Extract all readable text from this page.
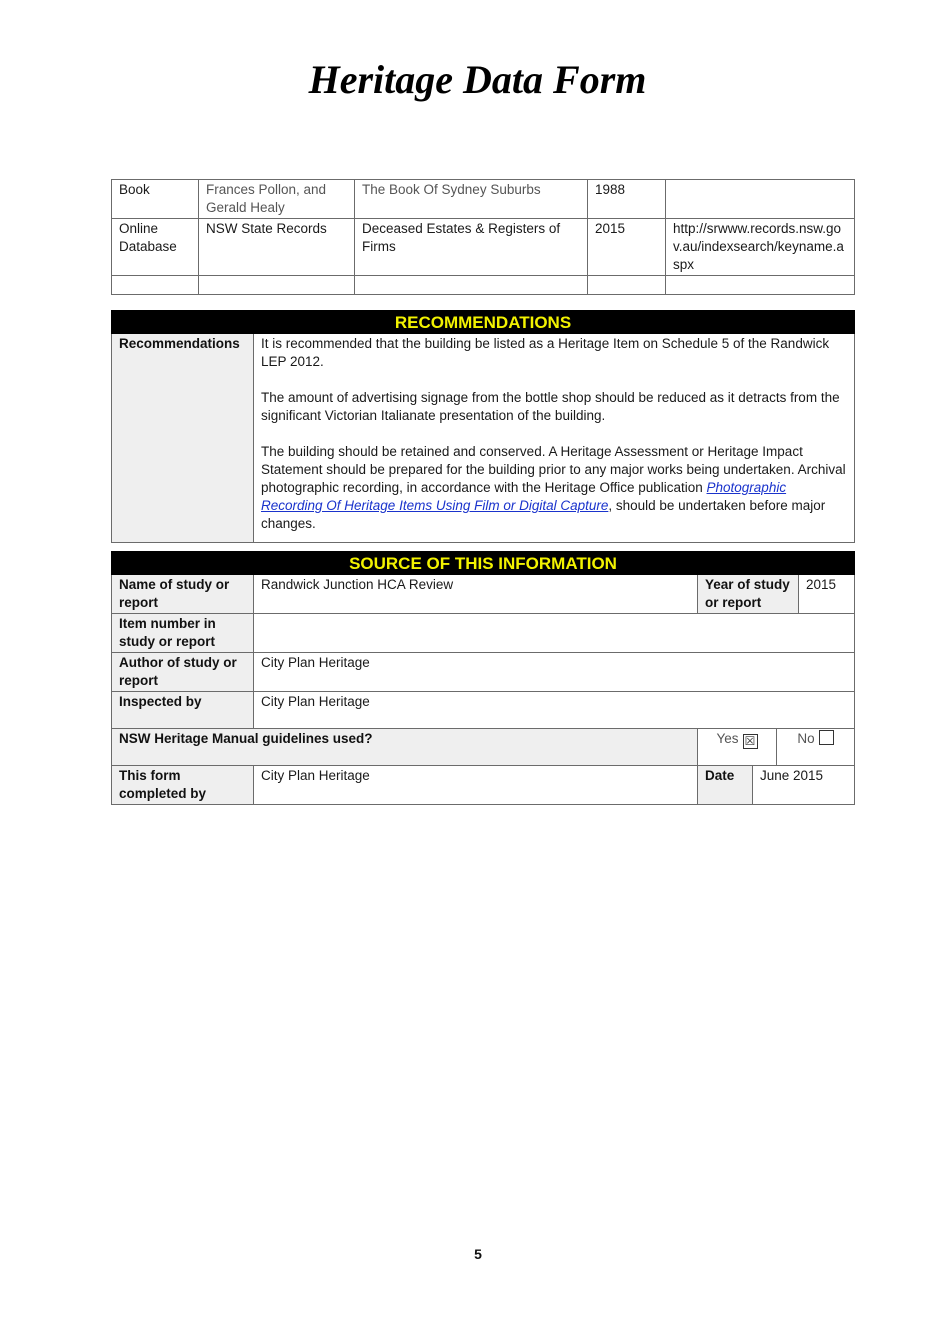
Heritage Data Form
Book	Frances Pollon, and Gerald Healy	The Book Of Sydney Suburbs	1988	
Online Database	NSW State Records	Deceased Estates & Registers of Firms	2015	http://srwww.records.nsw.gov.au/indexsearch/keyname.aspx

RECOMMENDATIONS
Recommendations	It is recommended that the building be listed as a Heritage Item on Schedule 5 of the Randwick LEP 2012.

The amount of advertising signage from the bottle shop should be reduced as it detracts from the significant Victorian Italianate presentation of the building.

The building should be retained and conserved. A Heritage Assessment or Heritage Impact Statement should be prepared for the building prior to any major works being undertaken. Archival photographic recording, in accordance with the Heritage Office publication Photographic Recording Of Heritage Items Using Film or Digital Capture, should be undertaken before major changes.

SOURCE OF THIS INFORMATION					
Name of study or report	Randwick Junction HCA Review	Year of study or report			2015
Item number in study or report					
Author of study or report	City Plan Heritage				
Inspected by	City Plan Heritage				
NSW Heritage Manual guidelines used?		Yes ☒		No	
This form completed by	City Plan Heritage	Date	June 2015		
5
